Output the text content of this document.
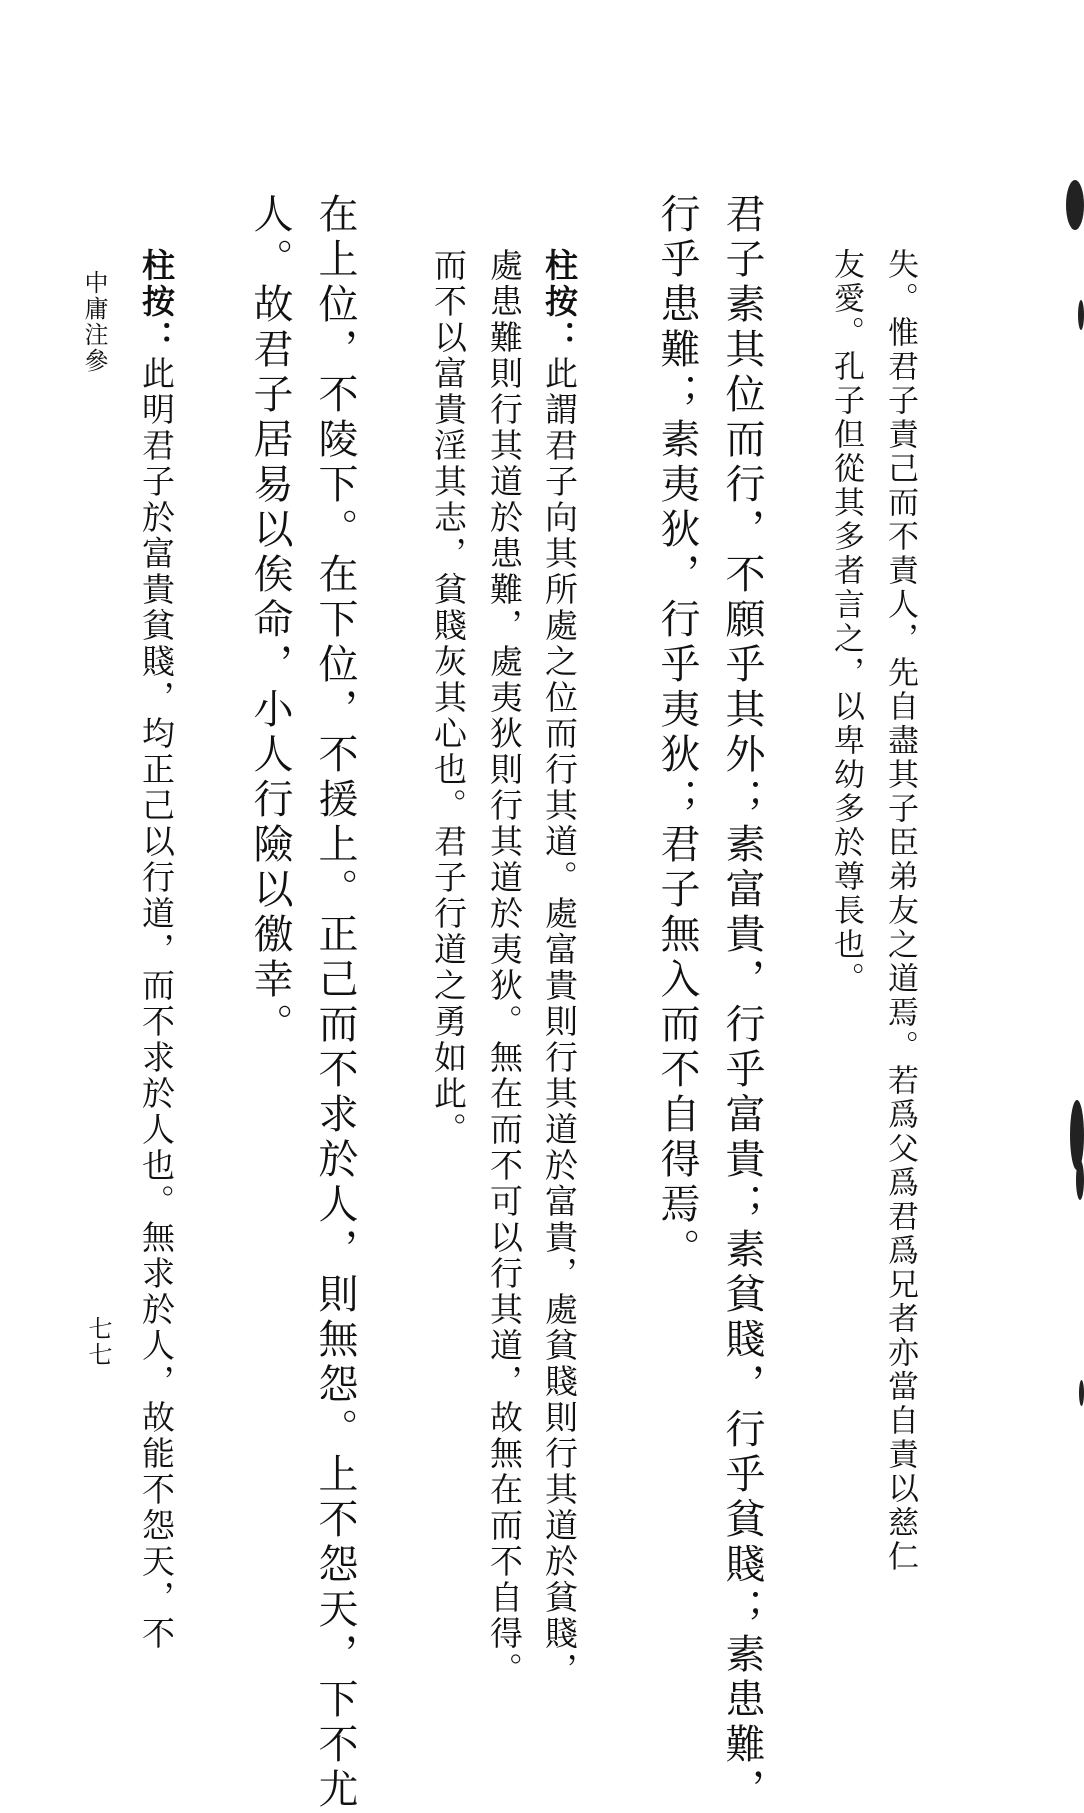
失。惟君子責己而不責人，先自盡其子臣弟友之道焉。若爲父爲君爲兄者亦當自責以慈仁
友愛。孔子但從其多者言之，以卑幼多於尊長也。
君子素其位而行，不願乎其外；素富貴，行乎富貴；素貧賤，行乎貧賤；素患難，
行乎患難；素夷狄，行乎夷狄；君子無入而不自得焉。
柱按：此謂君子向其所處之位而行其道。處富貴則行其道於富貴，處貧賤則行其道於貧賤，
處患難則行其道於患難，處夷狄則行其道於夷狄。無在而不可以行其道，故無在而不自得。
而不以富貴淫其志，貧賤灰其心也。君子行道之勇如此。
在上位，不陵下。在下位，不援上。正己而不求於人，則無怨。上不怨天，下不尤
人。故君子居易以俟命，小人行險以徼幸。
柱按：此明君子於富貴貧賤，均正己以行道，而不求於人也。無求於人，故能不怨天，不
中庸注參
七七
